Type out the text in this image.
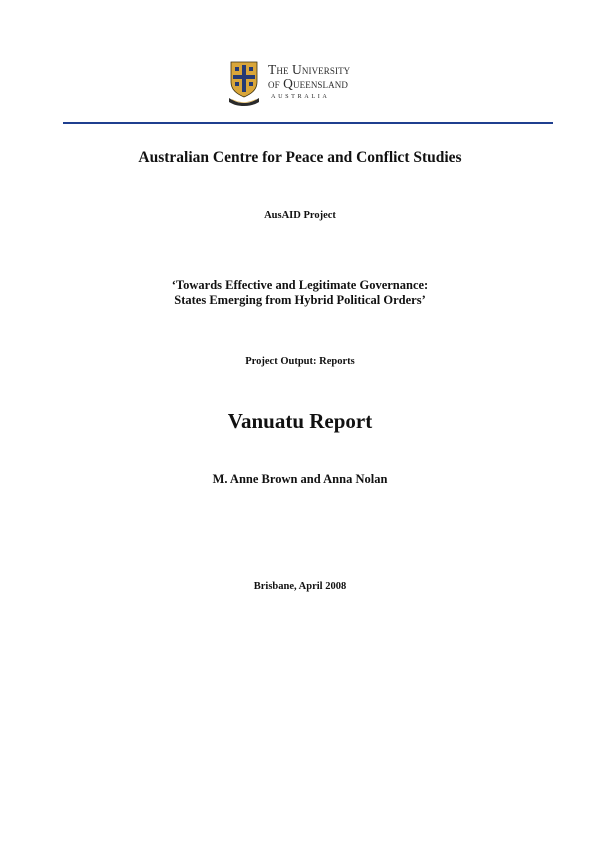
The University
of Queensland
AUSTRALIA
Australian Centre for Peace and Conflict Studies
AusAID Project
‘Towards Effective and Legitimate Governance:
States Emerging from Hybrid Political Orders’
Project Output: Reports
Vanuatu Report
M. Anne Brown and Anna Nolan
Brisbane, April 2008
